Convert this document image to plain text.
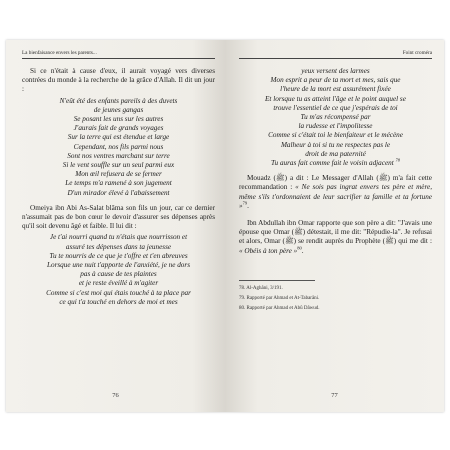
La bienfaisance envers les parents...

Si ce n'était à cause d'eux, il aurait voyagé vers diverses contrées du monde à la recherche de la grâce d'Allah. Il dit un jour :

N'eût été des enfants pareils à des duvets
de jeunes gangas
Se posant les uns sur les autres
J'aurais fait de grands voyages
Sur la terre qui est étendue et large
Cependant, nos fils parmi nous
Sont nos ventres marchant sur terre
Si le vent souffle sur un seul parmi eux
Mon œil refusera de se fermer
Le temps m'a ramené à son jugement
D'un mirador élevé à l'abaissement

Omeiya ibn Abi As-Salat blâma son fils un jour, car ce dernier n'assumait pas de bon cœur le devoir d'assurer ses dépenses après qu'il soit devenu âgé et faible. Il lui dit :

Je t'ai nourri quand tu n'étais que nourrisson et
assuré tes dépenses dans ta jeunesse
Tu te nourris de ce que je t'offre et t'en abreuves
Lorsque une nuit t'apporte de l'anxiété, je ne dors
pas à cause de tes plaintes
et je reste éveillé à m'agiter
Comme si c'est moi qui étais touché à ta place par
ce qui t'a touché en dehors de moi et mes
76
Foint croméra
yeux versent des larmes
Mon esprit a peur de ta mort et mes, sais que
l'heure de la mort est assurément fixée
Et lorsque tu as atteint l'âge et le point auquel se
trouve l'essentiel de ce que j'espérais de toi
Tu m'as récompensé par
la rudesse et l'impolitesse
Comme si c'était toi le bienfaiteur et le mécène
Malheur à toi si tu ne respectes pas le
droit de ma paternité
Tu auras fait comme fait le voisin adjacent $^{78}$

Mouadz (ﷺ) a dit : Le Messager d'Allah (ﷺ) m'a fait cette recommandation : « Ne sois pas ingrat envers tes père et mère, même s'ils t'ordonnaient de leur sacrifier ta famille et ta fortune »$^{79}$.

Ibn Abdullah ibn Omar rapporte que son père a dit: "J'avais une épouse que Omar (ﷺ) détestait, il me dit: "Répudie-la". Je refusai et alors, Omar (ﷺ) se rendit auprès du Prophète (ﷺ) qui me dit : « Obéis à ton père »$^{80}$.

78. Al-Aghâni, 3/191.
79. Rapporté par Ahmad et At-Tabarâni.
80. Rapporté par Ahmad et Abû Dâwud.
77
